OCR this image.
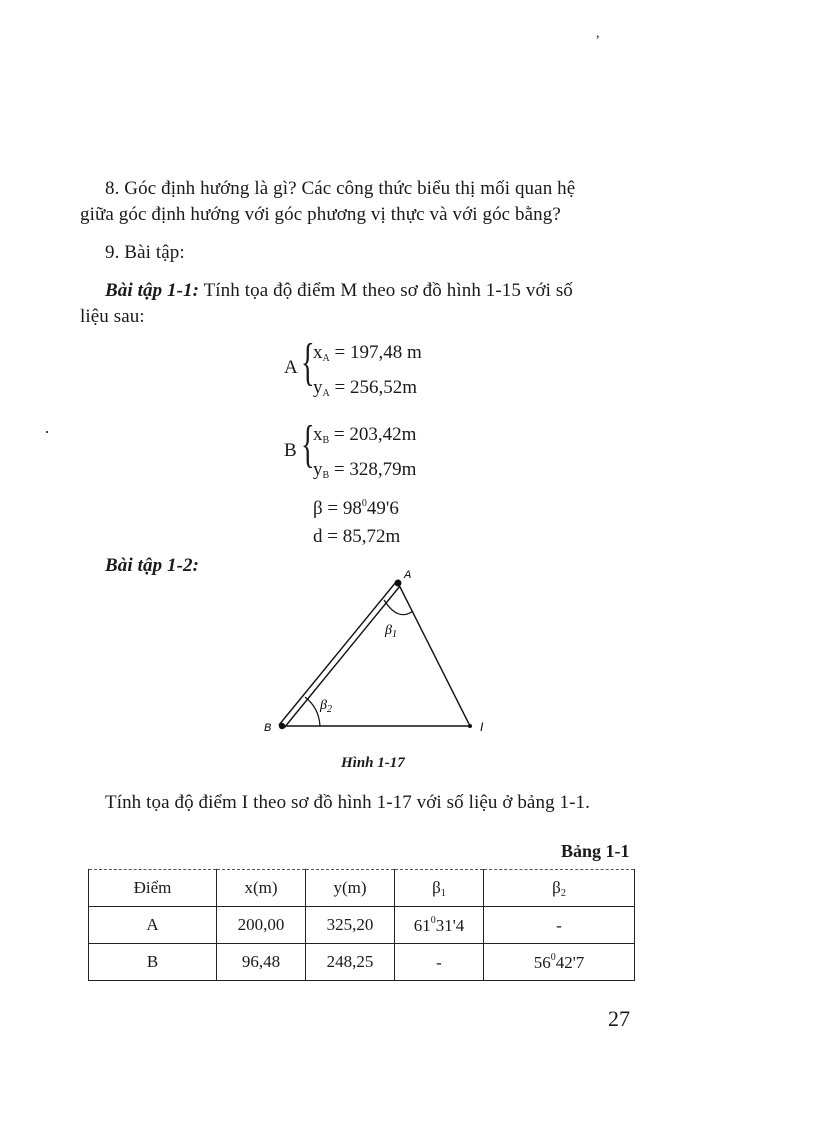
,
8. Góc định hướng là gì? Các công thức biểu thị mối quan hệ
giữa góc định hướng với góc phương vị thực và với góc bằng?
9. Bài tập:
Bài tập 1-1: Tính tọa độ điểm M theo sơ đồ hình 1-15 với số
liệu sau:
A {
$x_A = 197,48$ m
$y_A = 256,52m$
B {
$x_B = 203,42m$
$y_B = 328,79m$
$\beta = 98^049'6$
d = 85,72m
Bài tập 1-2:	A
B	I
$\beta_1$
$\beta_2$
Hình 1-17
Tính tọa độ điểm I theo sơ đồ hình 1-17 với số liệu ở bảng 1-1.
Bảng 1-1
Điểm	x(m)	y(m)	$\beta_1$	$\beta_2$
A	200,00	325,20	$61^031'4$	-
B	96,48	248,25	-	$56^042'7$
27
